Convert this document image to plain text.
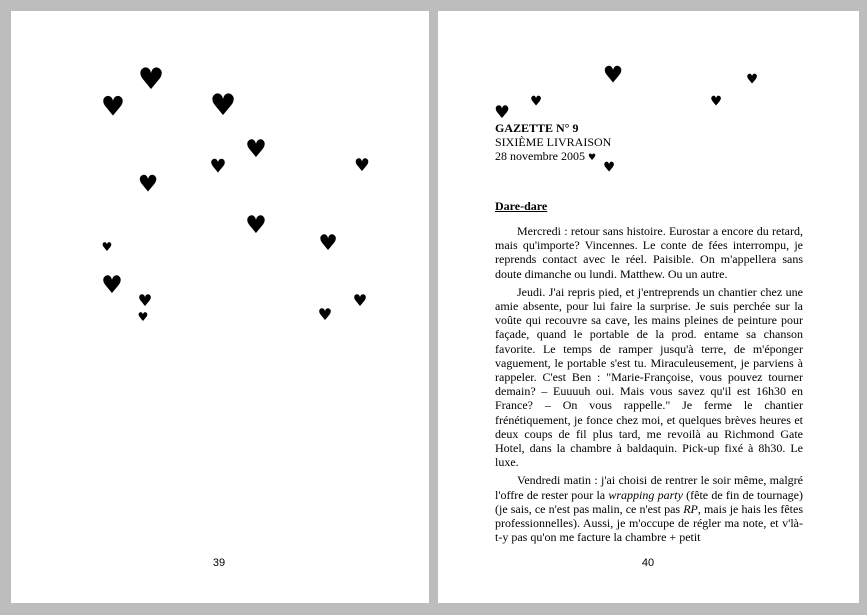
♥
♥	♥
♥
♥	♥
♥
♥
♥
♥
♥
♥	♥
♥	♥
39
♥	♥
♥	♥
♥
♥
GAZETTE N° 9
SIXIÈME LIVRAISON
28 novembre 2005 ♥
Dare-dare

Mercredi : retour sans histoire. Eurostar a encore du retard, mais qu'importe? Vincennes. Le conte de fées interrompu, je reprends contact avec le réel. Paisible. On m'appellera sans doute dimanche ou lundi. Matthew. Ou un autre.

Jeudi. J'ai repris pied, et j'entreprends un chantier chez une amie absente, pour lui faire la surprise. Je suis perchée sur la voûte qui recouvre sa cave, les mains pleines de peinture pour façade, quand le portable de la prod. entame sa chanson favorite. Le temps de ramper jusqu'à terre, de m'éponger vaguement, le portable s'est tu. Miraculeusement, je parviens à rappeler. C'est Ben : "Marie-Françoise, vous pouvez tourner demain? – Euuuuh oui. Mais vous savez qu'il est 16h30 en France? – On vous rappelle." Je ferme le chantier frénétiquement, je fonce chez moi, et quelques brèves heures et deux coups de fil plus tard, me revoilà au Richmond Gate Hotel, dans la chambre à baldaquin. Pick-up fixé à 8h30. Le luxe.

Vendredi matin : j'ai choisi de rentrer le soir même, malgré l'offre de rester pour la wrapping party (fête de fin de tournage) (je sais, ce n'est pas malin, ce n'est pas RP, mais je hais les fêtes professionnelles). Aussi, je m'occupe de régler ma note, et v'là-t-y pas qu'on me facture la chambre + petit

40
